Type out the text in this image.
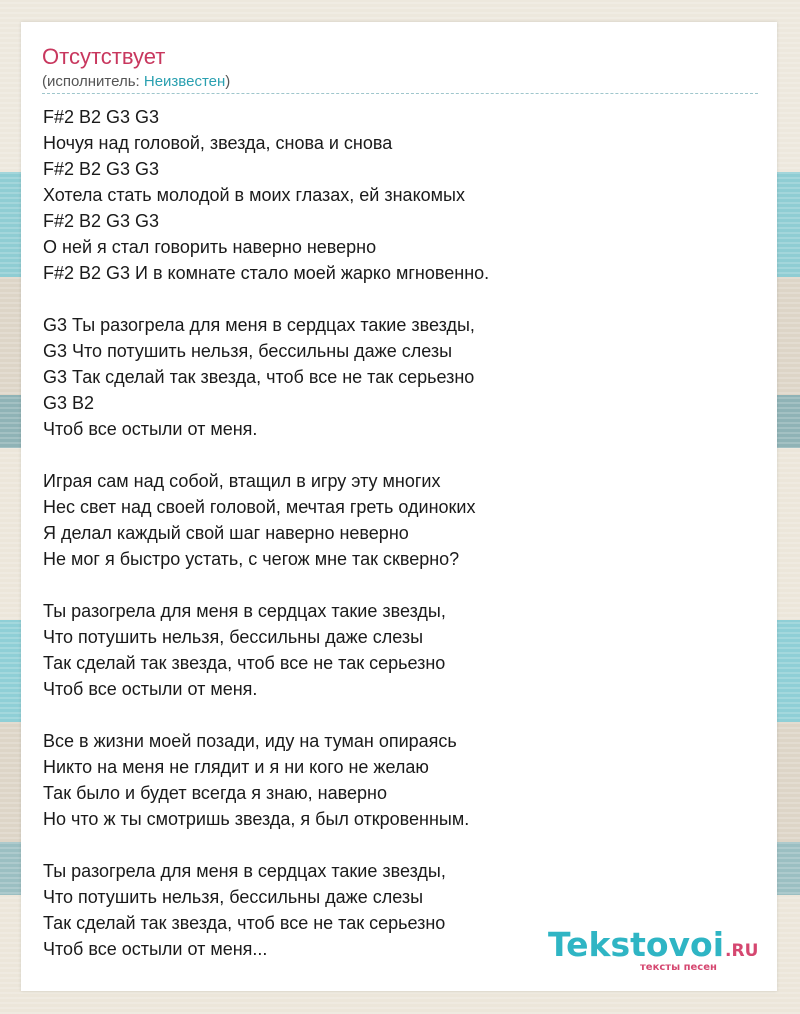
Отсутствует
(исполнитель: Неизвестен)
F#2 B2 G3 G3
Ночуя над головой, звезда, снова и снова
F#2 B2 G3 G3
Хотела стать молодой в моих глазах, ей знакомых
F#2 B2 G3 G3
О ней я стал говорить наверно неверно
F#2 B2 G3 И в комнате стало моей жарко мгновенно.
G3 Ты разогрела для меня в сердцах такие звезды,
G3 Что потушить нельзя, бессильны даже слезы
G3 Так сделай так звезда, чтоб все не так серьезно
G3 B2
Чтоб все остыли от меня.
Играя сам над собой, втащил в игру эту многих
Нес свет над своей головой, мечтая греть одиноких
Я делал каждый свой шаг наверно неверно
Не мог я быстро устать, с чегож мне так скверно?
Ты разогрела для меня в сердцах такие звезды,
Что потушить нельзя, бессильны даже слезы
Так сделай так звезда, чтоб все не так серьезно
Чтоб все остыли от меня.
Все в жизни моей позади, иду на туман опираясь
Никто на меня не глядит и я ни кого не желаю
Так было и будет всегда я знаю, наверно
Но что ж ты смотришь звезда, я был откровенным.
Ты разогрела для меня в сердцах такие звезды,
Что потушить нельзя, бессильны даже слезы
Так сделай так звезда, чтоб все не так серьезно
Чтоб все остыли от меня...	Tekstovoi.RU
тексты песен
